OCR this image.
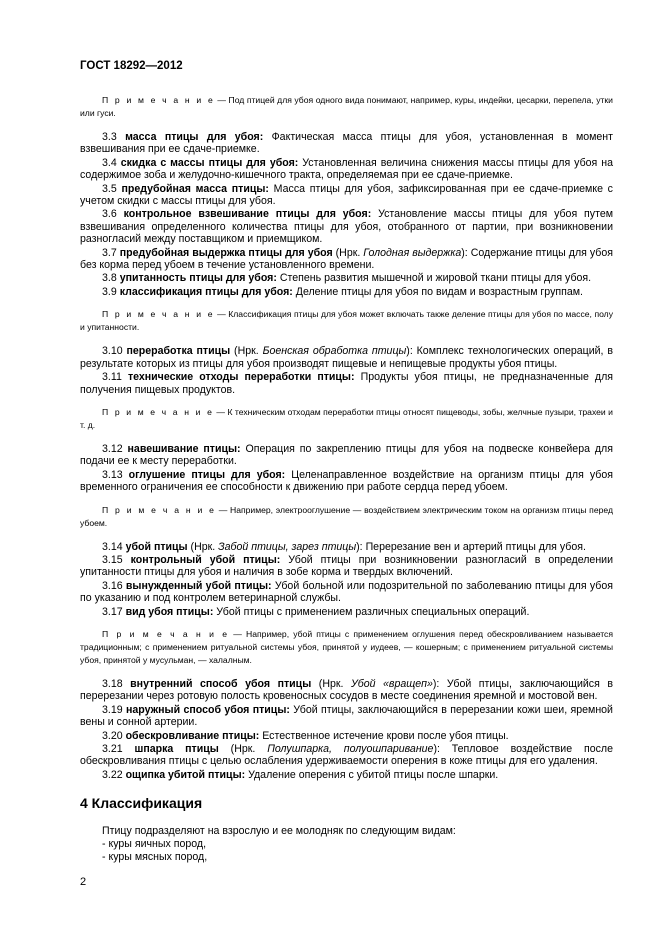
ГОСТ 18292—2012

П р и м е ч а н и е — Под птицей для убоя одного вида понимают, например, куры, индейки, цесарки, перепела, утки или гуси.

3.3 масса птицы для убоя: Фактическая масса птицы для убоя, установленная в момент взвешивания при ее сдаче-приемке.

3.4 скидка с массы птицы для убоя: Установленная величина снижения массы птицы для убоя на содержимое зоба и желудочно-кишечного тракта, определяемая при ее сдаче-приемке.

3.5 предубойная масса птицы: Масса птицы для убоя, зафиксированная при ее сдаче-приемке с учетом скидки с массы птицы для убоя.

3.6 контрольное взвешивание птицы для убоя: Установление массы птицы для убоя путем взвешивания определенного количества птицы для убоя, отобранного от партии, при возникновении разногласий между поставщиком и приемщиком.

3.7 предубойная выдержка птицы для убоя (Нрк. Голодная выдержка): Содержание птицы для убоя без корма перед убоем в течение установленного времени.

3.8 упитанность птицы для убоя: Степень развития мышечной и жировой ткани птицы для убоя.

3.9 классификация птицы для убоя: Деление птицы для убоя по видам и возрастным группам.

П р и м е ч а н и е — Классификация птицы для убоя может включать также деление птицы для убоя по массе, полу и упитанности.

3.10 переработка птицы (Нрк. Боенская обработка птицы): Комплекс технологических операций, в результате которых из птицы для убоя производят пищевые и непищевые продукты убоя птицы.

3.11 технические отходы переработки птицы: Продукты убоя птицы, не предназначенные для получения пищевых продуктов.

П р и м е ч а н и е — К техническим отходам переработки птицы относят пищеводы, зобы, желчные пузыри, трахеи и т. д.

3.12 навешивание птицы: Операция по закреплению птицы для убоя на подвеске конвейера для подачи ее к месту переработки.

3.13 оглушение птицы для убоя: Целенаправленное воздействие на организм птицы для убоя временного ограничения ее способности к движению при работе сердца перед убоем.

П р и м е ч а н и е — Например, электрооглушение — воздействием электрическим током на организм птицы перед убоем.

3.14 убой птицы (Нрк. Забой птицы, зарез птицы): Перерезание вен и артерий птицы для убоя.

3.15 контрольный убой птицы: Убой птицы при возникновении разногласий в определении упитанности птицы для убоя и наличия в зобе корма и твердых включений.

3.16 вынужденный убой птицы: Убой больной или подозрительной по заболеванию птицы для убоя по указанию и под контролем ветеринарной службы.

3.17 вид убоя птицы: Убой птицы с применением различных специальных операций.

П р и м е ч а н и е — Например, убой птицы с применением оглушения перед обескровливанием называется традиционным; с применением ритуальной системы убоя, принятой у иудеев, — кошерным; с применением ритуальной системы убоя, принятой у мусульман, — халалным.

3.18 внутренний способ убоя птицы (Нрк. Убой «вращеп»): Убой птицы, заключающийся в перерезании через ротовую полость кровеносных сосудов в месте соединения яремной и мостовой вен.

3.19 наружный способ убоя птицы: Убой птицы, заключающийся в перерезании кожи шеи, яремной вены и сонной артерии.

3.20 обескровливание птицы: Естественное истечение крови после убоя птицы.

3.21 шпарка птицы (Нрк. Полушпарка, полуошпаривание): Тепловое воздействие после обескровливания птицы с целью ослабления удерживаемости оперения в коже птицы для его удаления.

3.22 ощипка убитой птицы: Удаление оперения с убитой птицы после шпарки.

4 Классификация

Птицу подразделяют на взрослую и ее молодняк по следующим видам:

- куры яичных пород,

- куры мясных пород,

2
